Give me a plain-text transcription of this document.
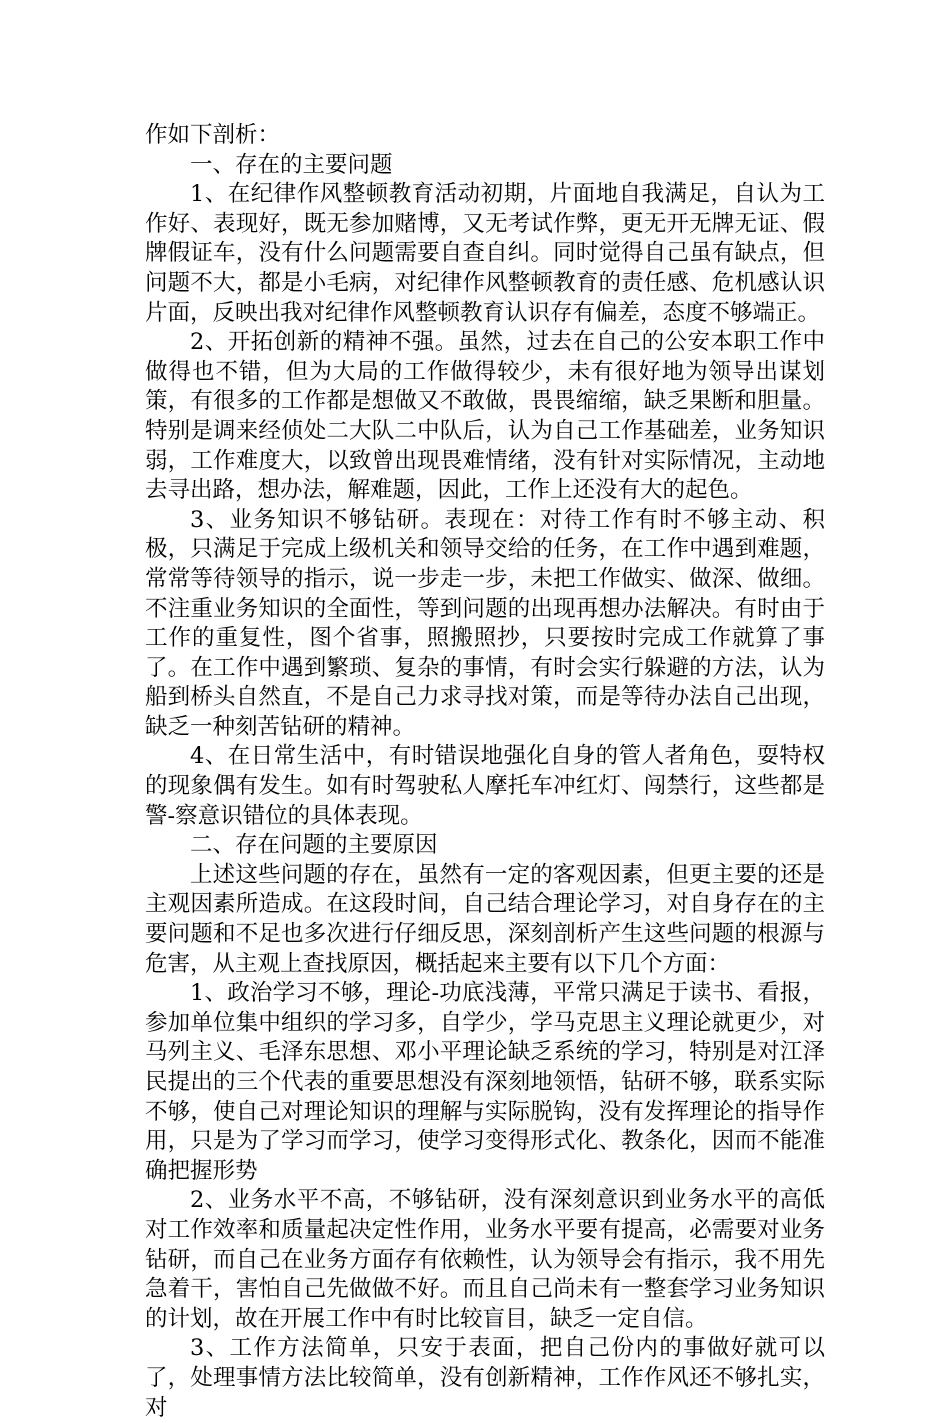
作如下剖析：

一、存在的主要问题

1、在纪律作风整顿教育活动初期，片面地自我满足，自认为工作好、表现好，既无参加赌博，又无考试作弊，更无开无牌无证、假牌假证车，没有什么问题需要自查自纠。同时觉得自己虽有缺点，但问题不大，都是小毛病，对纪律作风整顿教育的责任感、危机感认识片面，反映出我对纪律作风整顿教育认识存有偏差，态度不够端正。

2、开拓创新的精神不强。虽然，过去在自己的公安本职工作中做得也不错，但为大局的工作做得较少，未有很好地为领导出谋划策，有很多的工作都是想做又不敢做，畏畏缩缩，缺乏果断和胆量。特别是调来经侦处二大队二中队后，认为自己工作基础差，业务知识弱，工作难度大，以致曾出现畏难情绪，没有针对实际情况，主动地去寻出路，想办法，解难题，因此，工作上还没有大的起色。

3、业务知识不够钻研。表现在：对待工作有时不够主动、积极，只满足于完成上级机关和领导交给的任务，在工作中遇到难题，常常等待领导的指示，说一步走一步，未把工作做实、做深、做细。不注重业务知识的全面性，等到问题的出现再想办法解决。有时由于工作的重复性，图个省事，照搬照抄，只要按时完成工作就算了事了。在工作中遇到繁琐、复杂的事情，有时会实行躲避的方法，认为船到桥头自然直，不是自己力求寻找对策，而是等待办法自己出现，缺乏一种刻苦钻研的精神。

4、在日常生活中，有时错误地强化自身的管人者角色，耍特权的现象偶有发生。如有时驾驶私人摩托车冲红灯、闯禁行，这些都是警-察意识错位的具体表现。

二、存在问题的主要原因

上述这些问题的存在，虽然有一定的客观因素，但更主要的还是主观因素所造成。在这段时间，自己结合理论学习，对自身存在的主要问题和不足也多次进行仔细反思，深刻剖析产生这些问题的根源与危害，从主观上查找原因，概括起来主要有以下几个方面：

1、政治学习不够，理论-功底浅薄，平常只满足于读书、看报，参加单位集中组织的学习多，自学少，学马克思主义理论就更少，对马列主义、毛泽东思想、邓小平理论缺乏系统的学习，特别是对江泽民提出的三个代表的重要思想没有深刻地领悟，钻研不够，联系实际不够，使自己对理论知识的理解与实际脱钩，没有发挥理论的指导作用，只是为了学习而学习，使学习变得形式化、教条化，因而不能准确把握形势

2、业务水平不高，不够钻研，没有深刻意识到业务水平的高低对工作效率和质量起决定性作用，业务水平要有提高，必需要对业务钻研，而自己在业务方面存有依赖性，认为领导会有指示，我不用先急着干，害怕自己先做做不好。而且自己尚未有一整套学习业务知识的计划，故在开展工作中有时比较盲目，缺乏一定自信。

3、工作方法简单，只安于表面，把自己份内的事做好就可以了，处理事情方法比较简单，没有创新精神，工作作风还不够扎实，对
